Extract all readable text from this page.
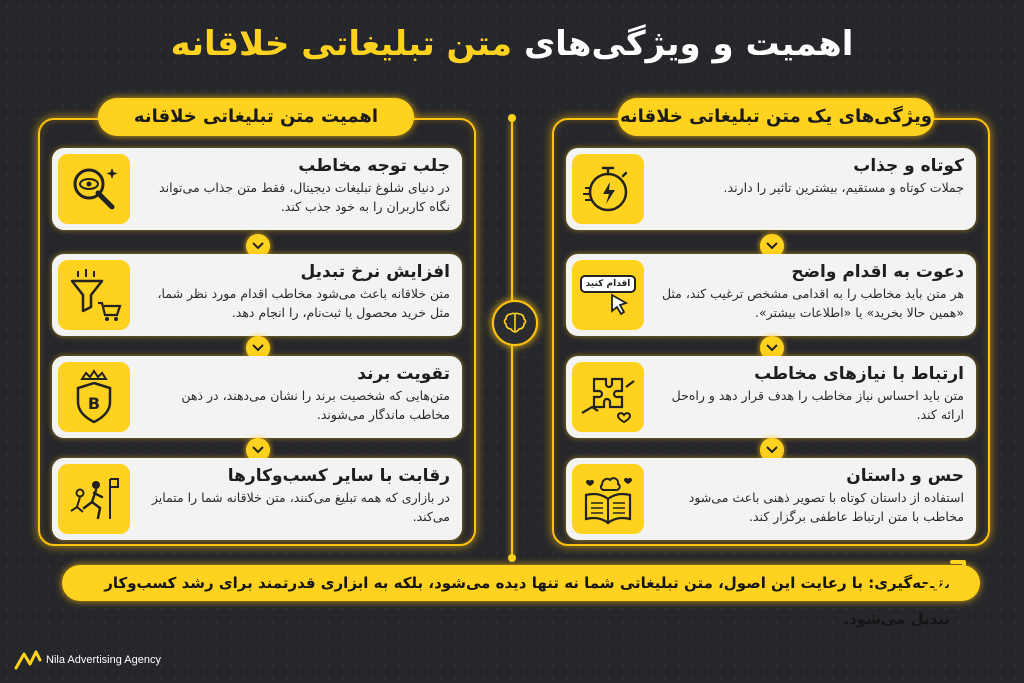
اهمیت و ویژگی‌های متن تبلیغاتی خلاقانه
اهمیت متن تبلیغاتی خلاقانه
جلب توجه مخاطب
در دنیای شلوغ تبلیغات دیجیتال، فقط متن جذاب می‌تواند نگاه کاربران را به خود جذب کند.
افزایش نرخ تبدیل
متن خلاقانه باعث می‌شود مخاطب اقدام مورد نظر شما، مثل خرید محصول یا ثبت‌نام، را انجام دهد.
B
تقویت برند
متن‌هایی که شخصیت برند را نشان می‌دهند، در ذهن مخاطب ماندگار می‌شوند.
رقابت با سایر کسب‌وکارها
در بازاری که همه تبلیغ می‌کنند، متن خلاقانه شما را متمایز می‌کند.
ویژگی‌های یک متن تبلیغاتی خلاقانه
کوتاه و جذاب
جملات کوتاه و مستقیم، بیشترین تاثیر را دارند.
اقدام کنید
دعوت به اقدام واضح
هر متن باید مخاطب را به اقدامی مشخص ترغیب کند، مثل «همین حالا بخرید» یا «اطلاعات بیشتر».
ارتباط با نیازهای مخاطب
متن باید احساس نیاز مخاطب را هدف قرار دهد و راه‌حل ارائه کند.
حس و داستان
استفاده از داستان کوتاه با تصویر ذهنی باعث می‌شود مخاطب با متن ارتباط عاطفی برگزار کند.
نتیجه‌گیری: با رعایت این اصول، متن تبلیغاتی شما نه تنها دیده می‌شود، بلکه به ابزاری قدرتمند برای رشد کسب‌وکار تبدیل می‌شود.
Nila Advertising Agency
